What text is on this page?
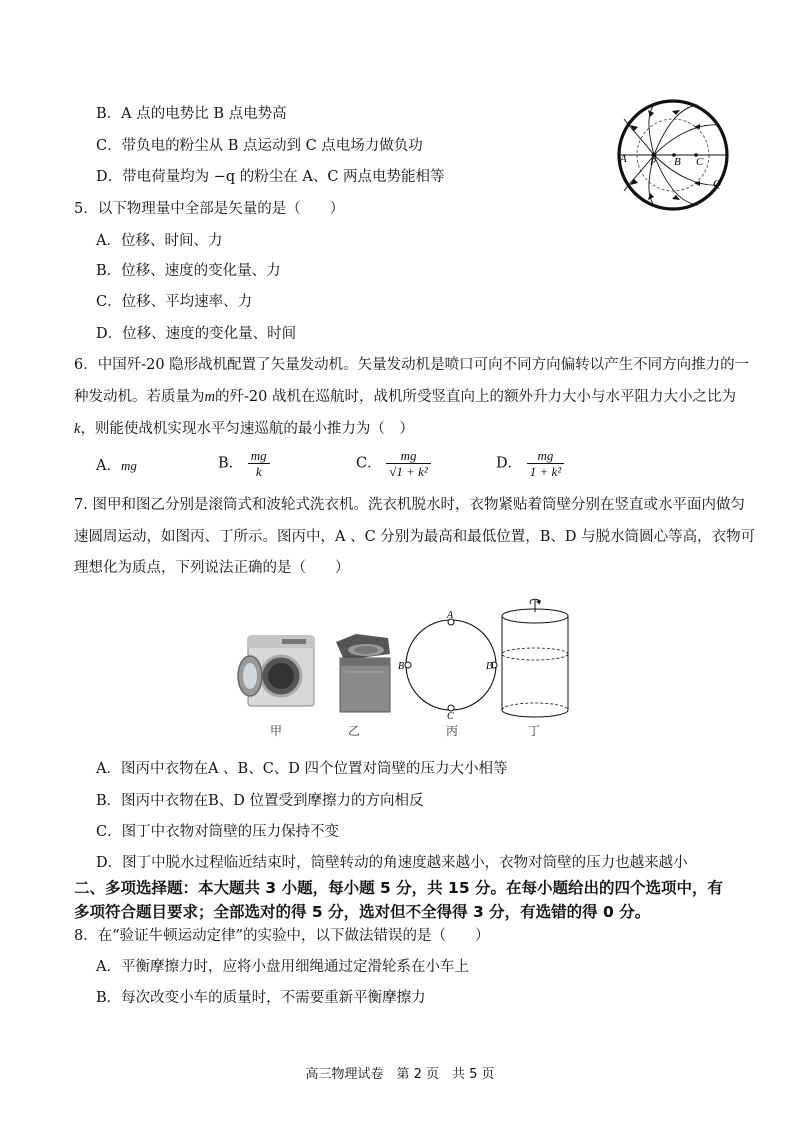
B．A 点的电势比 B 点电势高
C．带负电的粉尘从 B 点运动到 C 点电场力做负功
D．带电荷量均为 −q 的粉尘在 A、C 两点电势能相等
A P B C
Q
5．以下物理量中全部是矢量的是（　　）
A．位移、时间、力
B．位移、速度的变化量、力
C．位移、平均速率、力
D．位移、速度的变化量、时间
6．中国歼-20 隐形战机配置了矢量发动机。矢量发动机是喷口可向不同方向偏转以产生不同方向推力的一
种发动机。若质量为m的歼-20 战机在巡航时，战机所受竖直向上的额外升力大小与水平阻力大小之比为
k，则能使战机实现水平匀速巡航的最小推力为（　）
A．mg	B． $\frac{mg}{k}$	C． $\frac{mg}{\text{√1 + k²}}$	D． $\frac{mg}{\text{1 + k²}}$
7. 图甲和图乙分别是滚筒式和波轮式洗衣机。洗衣机脱水时，衣物紧贴着筒壁分别在竖直或水平面内做匀
速圆周运动，如图丙、丁所示。图丙中，A 、C 分别为最高和最低位置，B、D 与脱水筒圆心等高，衣物可
理想化为质点，下列说法正确的是（　　）
甲	乙
A
C
B	D
丙	丁
A．图丙中衣物在A 、B、C、D 四个位置对筒壁的压力大小相等
B．图丙中衣物在B、D 位置受到摩擦力的方向相反
C．图丁中衣物对筒壁的压力保持不变
D．图丁中脱水过程临近结束时，筒壁转动的角速度越来越小，衣物对筒壁的压力也越来越小
二、多项选择题：本大题共 3 小题，每小题 5 分，共 15 分。在每小题给出的四个选项中，有
多项符合题目要求；全部选对的得 5 分，选对但不全得得 3 分，有选错的得 0 分。
8．在“验证牛顿运动定律”的实验中，以下做法错误的是（　　）
A．平衡摩擦力时，应将小盘用细绳通过定滑轮系在小车上
B．每次改变小车的质量时，不需要重新平衡摩擦力
高三物理试卷　第 2 页　共 5 页
